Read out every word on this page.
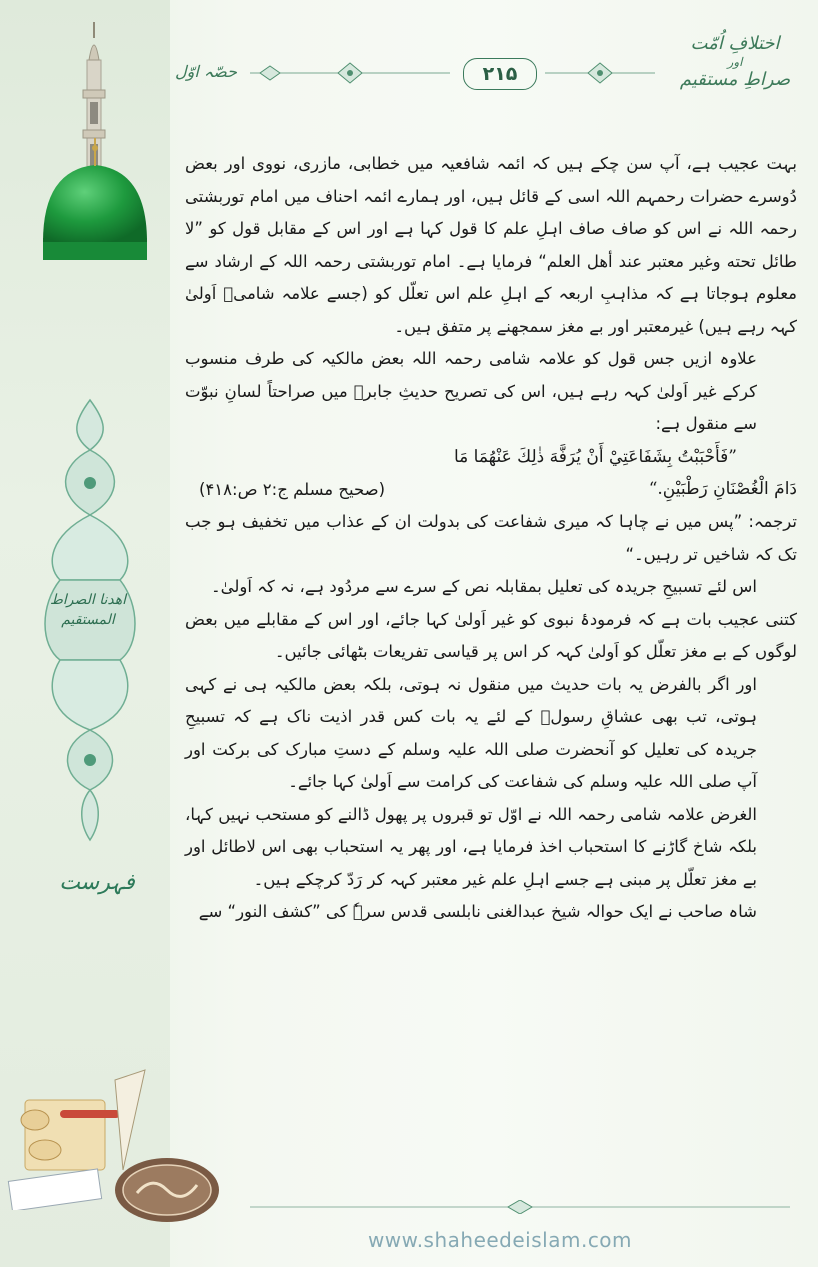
اهدنا الصراط المستقیم
فہرست
حصّہ اوّل	۲۱۵
اختلافِ اُمّت
اور
صراطِ مستقیم

بہت عجیب ہے، آپ سن چکے ہیں کہ ائمہ شافعیہ میں خطابی، مازری، نووی اور بعض دُوسرے حضرات رحمہم اللہ اسی کے قائل ہیں، اور ہمارے ائمہ احناف میں امام توربشتی رحمہ اللہ نے اس کو صاف صاف اہلِ علم کا قول کہا ہے اور اس کے مقابل قول کو ”لا طائل تحته وغير معتبر عند أهل العلم“ فرمایا ہے۔ امام توربشتی رحمہ اللہ کے ارشاد سے معلوم ہوجاتا ہے کہ مذاہبِ اربعہ کے اہلِ علم اس تعلّل کو (جسے علامہ شامیؒ اَولیٰ کہہ رہے ہیں) غیرمعتبر اور بے مغز سمجھنے پر متفق ہیں۔

علاوہ ازیں جس قول کو علامہ شامی رحمہ اللہ بعض مالکیہ کی طرف منسوب کرکے غیر اَولیٰ کہہ رہے ہیں، اس کی تصریح حدیثِ جابرؓ میں صراحتاً لسانِ نبوّت سے منقول ہے:

”فَأَحْبَبْتُ بِشَفَاعَتِيْ أَنْ يُرَفَّهَ ذٰلِكَ عَنْهُمَا مَا

دَامَ الْغُصْنَانِ رَطْبَيْنِ.“

(صحیح مسلم ج:۲ ص:۴۱۸)

ترجمہ: ”پس میں نے چاہا کہ میری شفاعت کی بدولت ان کے عذاب میں تخفیف ہو جب تک کہ شاخیں تر رہیں۔“

اس لئے تسبیحِ جریدہ کی تعلیل بمقابلہ نص کے سرے سے مردُود ہے، نہ کہ اَولیٰ۔

کتنی عجیب بات ہے کہ فرمودۂ نبوی کو غیر اَولیٰ کہا جائے، اور اس کے مقابلے میں بعض لوگوں کے بے مغز تعلّل کو اَولیٰ کہہ کر اس پر قیاسی تفریعات بٹھائی جائیں۔

اور اگر بالفرض یہ بات حدیث میں منقول نہ ہوتی، بلکہ بعض مالکیہ ہی نے کہی ہوتی، تب بھی عشاقِ رسولؐ کے لئے یہ بات کس قدر اذیت ناک ہے کہ تسبیحِ جریدہ کی تعلیل کو آنحضرت صلی اللہ علیہ وسلم کے دستِ مبارک کی برکت اور آپ صلی اللہ علیہ وسلم کی شفاعت کی کرامت سے اَولیٰ کہا جائے۔

الغرض علامہ شامی رحمہ اللہ نے اوّل تو قبروں پر پھول ڈالنے کو مستحب نہیں کہا، بلکہ شاخ گاڑنے کا استحباب اخذ فرمایا ہے، اور پھر یہ استحباب بھی اس لاطائل اور بے مغز تعلّل پر مبنی ہے جسے اہلِ علم غیر معتبر کہہ کر رَدّ کرچکے ہیں۔

شاہ صاحب نے ایک حوالہ شیخ عبدالغنی نابلسی قدس سرہٗ کی ”کشف النور“ سے

www.shaheedeislam.com
